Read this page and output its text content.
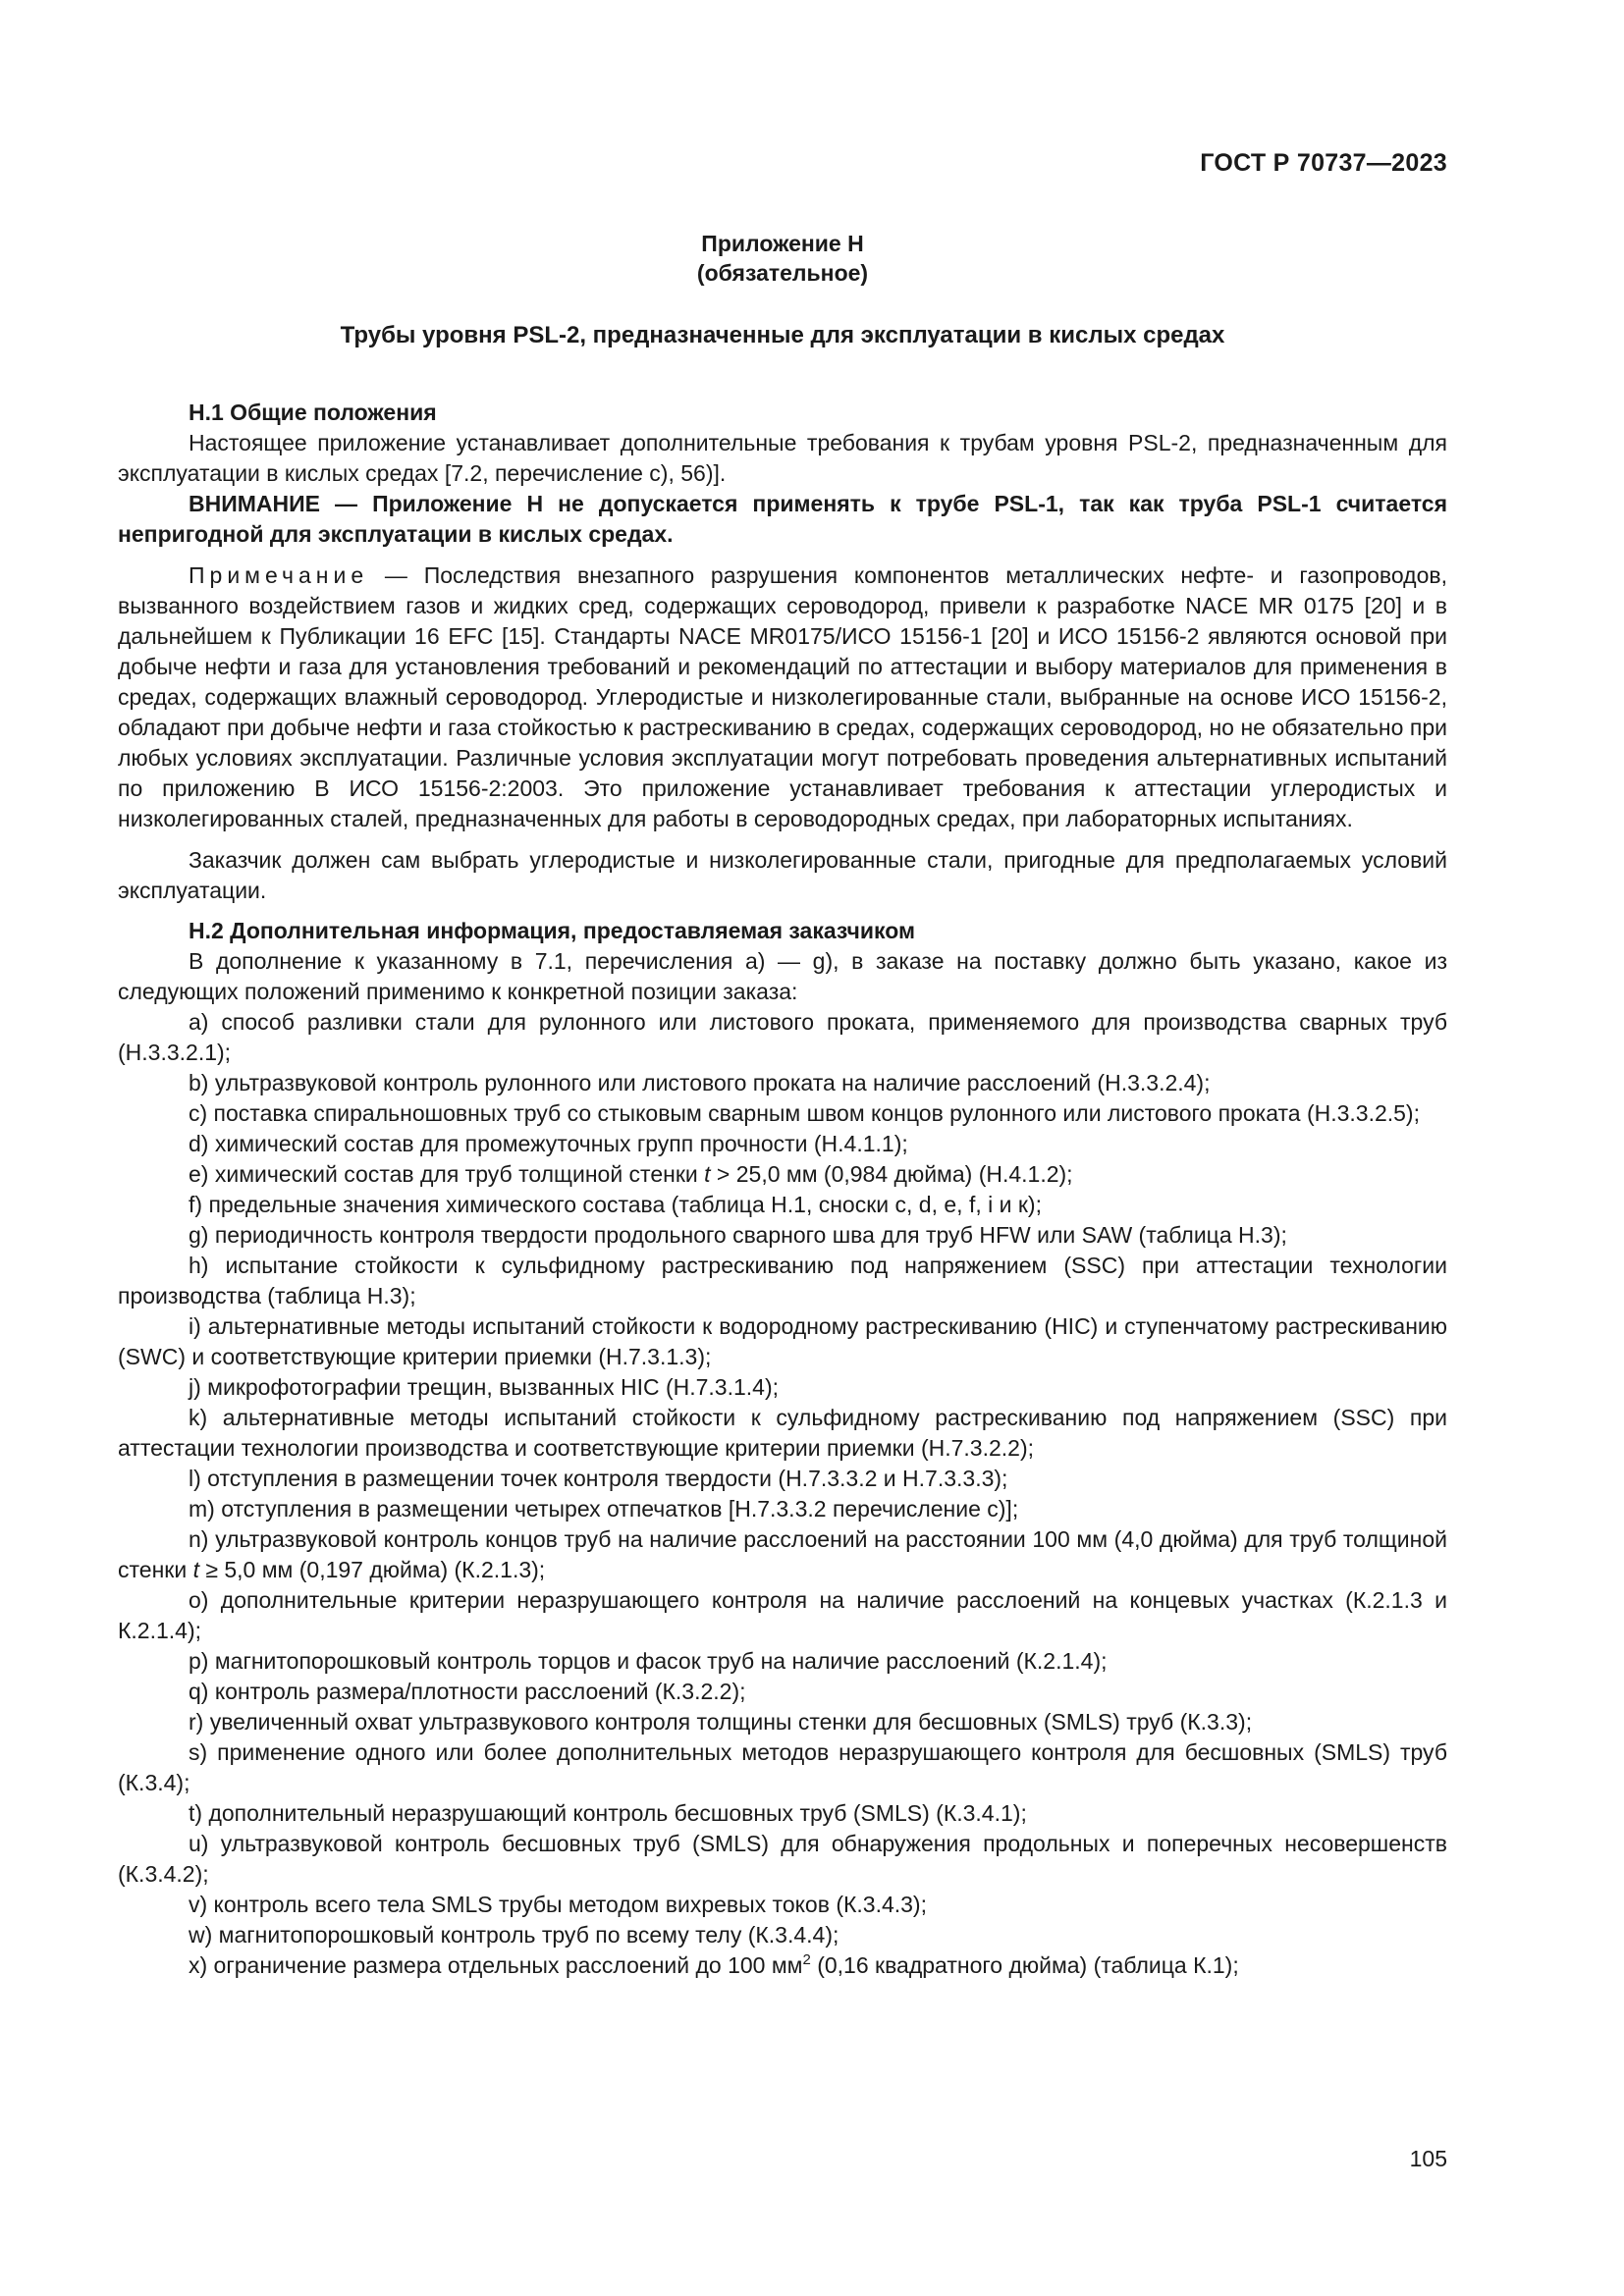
ГОСТ Р 70737—2023
Приложение Н
(обязательное)
Трубы уровня PSL-2, предназначенные для эксплуатации в кислых средах

Н.1 Общие положения

Настоящее приложение устанавливает дополнительные требования к трубам уровня PSL-2, предназначенным для эксплуатации в кислых средах [7.2, перечисление с), 56)].

ВНИМАНИЕ — Приложение Н не допускается применять к трубе PSL-1, так как труба PSL-1 считается непригодной для эксплуатации в кислых средах.

Примечание — Последствия внезапного разрушения компонентов металлических нефте- и газопроводов, вызванного воздействием газов и жидких сред, содержащих сероводород, привели к разработке NACE MR 0175 [20] и в дальнейшем к Публикации 16 EFC [15]. Стандарты NACE MR0175/ИСО 15156-1 [20] и ИСО 15156-2 являются основой при добыче нефти и газа для установления требований и рекомендаций по аттестации и выбору материалов для применения в средах, содержащих влажный сероводород. Углеродистые и низколегированные стали, выбранные на основе ИСО 15156-2, обладают при добыче нефти и газа стойкостью к растрескиванию в средах, содержащих сероводород, но не обязательно при любых условиях эксплуатации. Различные условия эксплуатации могут потребовать проведения альтернативных испытаний по приложению В ИСО 15156-2:2003. Это приложение устанавливает требования к аттестации углеродистых и низколегированных сталей, предназначенных для работы в сероводородных средах, при лабораторных испытаниях.

Заказчик должен сам выбрать углеродистые и низколегированные стали, пригодные для предполагаемых условий эксплуатации.

Н.2 Дополнительная информация, предоставляемая заказчиком

В дополнение к указанному в 7.1, перечисления а) — g), в заказе на поставку должно быть указано, какое из следующих положений применимо к конкретной позиции заказа:

а) способ разливки стали для рулонного или листового проката, применяемого для производства сварных труб (Н.3.3.2.1);

b) ультразвуковой контроль рулонного или листового проката на наличие расслоений (Н.3.3.2.4);

c) поставка спиральношовных труб со стыковым сварным швом концов рулонного или листового проката (Н.3.3.2.5);

d) химический состав для промежуточных групп прочности (Н.4.1.1);

е) химический состав для труб толщиной стенки t > 25,0 мм (0,984 дюйма) (Н.4.1.2);

f) предельные значения химического состава (таблица Н.1, сноски с, d, e, f, i и к);

g) периодичность контроля твердости продольного сварного шва для труб HFW или SAW (таблица Н.3);

h) испытание стойкости к сульфидному растрескиванию под напряжением (SSC) при аттестации технологии производства (таблица Н.3);

i) альтернативные методы испытаний стойкости к водородному растрескиванию (HIC) и ступенчатому растрескиванию (SWC) и соответствующие критерии приемки (Н.7.3.1.3);

j) микрофотографии трещин, вызванных HIC (Н.7.3.1.4);

k) альтернативные методы испытаний стойкости к сульфидному растрескиванию под напряжением (SSC) при аттестации технологии производства и соответствующие критерии приемки (Н.7.3.2.2);

l) отступления в размещении точек контроля твердости (Н.7.3.3.2 и Н.7.3.3.3);

m) отступления в размещении четырех отпечатков [Н.7.3.3.2 перечисление с)];

n) ультразвуковой контроль концов труб на наличие расслоений на расстоянии 100 мм (4,0 дюйма) для труб толщиной стенки t ≥ 5,0 мм (0,197 дюйма) (К.2.1.3);

о) дополнительные критерии неразрушающего контроля на наличие расслоений на концевых участках (К.2.1.3 и К.2.1.4);

p) магнитопорошковый контроль торцов и фасок труб на наличие расслоений (К.2.1.4);

q) контроль размера/плотности расслоений (К.3.2.2);

r) увеличенный охват ультразвукового контроля толщины стенки для бесшовных (SMLS) труб (К.3.3);

s) применение одного или более дополнительных методов неразрушающего контроля для бесшовных (SMLS) труб (К.3.4);

t) дополнительный неразрушающий контроль бесшовных труб (SMLS) (К.3.4.1);

u) ультразвуковой контроль бесшовных труб (SMLS) для обнаружения продольных и поперечных несовершенств (К.3.4.2);

v) контроль всего тела SMLS трубы методом вихревых токов (К.3.4.3);

w) магнитопорошковый контроль труб по всему телу (К.3.4.4);

х) ограничение размера отдельных расслоений до 100 $мм^2$ (0,16 квадратного дюйма) (таблица К.1);

105
